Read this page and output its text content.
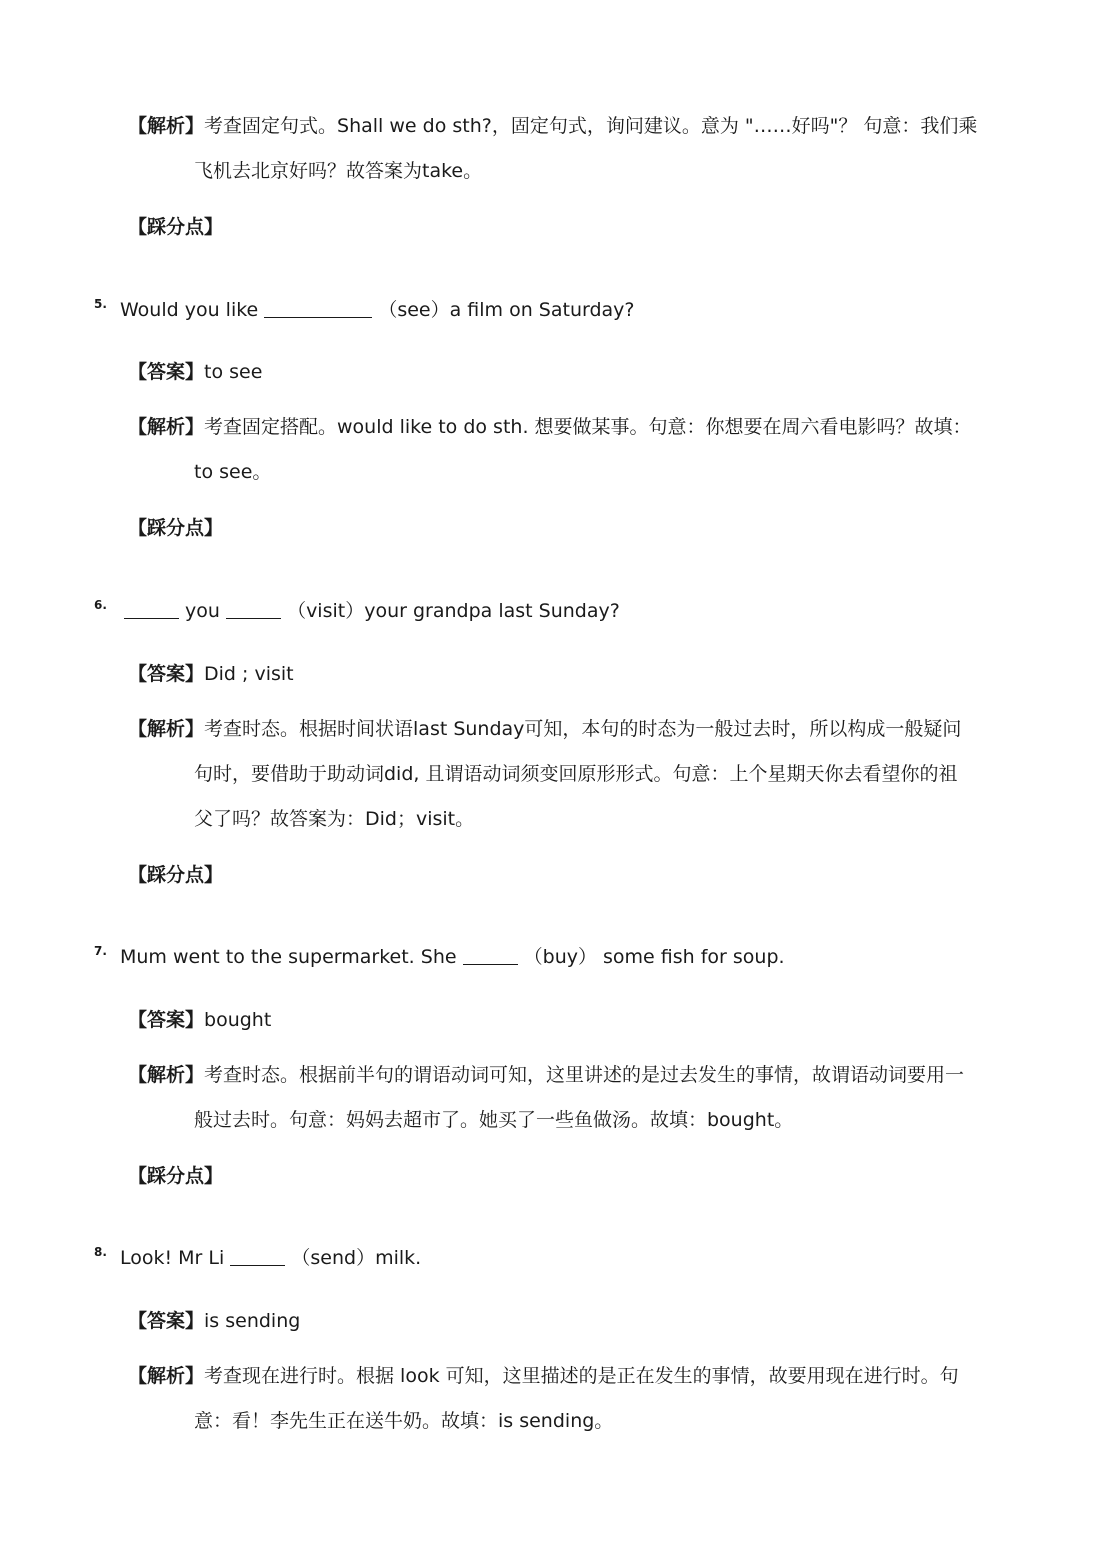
【解析】考查固定句式。Shall we do sth?，固定句式，询问建议。意为 "……好吗"？ 句意：我们乘
飞机去北京好吗？故答案为take。
【踩分点】
5. Would you like	（see）a film on Saturday?
【答案】to see
【解析】考查固定搭配。would like to do sth. 想要做某事。句意：你想要在周六看电影吗？故填：
to see。
【踩分点】
6.	you	（visit）your grandpa last Sunday?
【答案】Did ; visit
【解析】考查时态。根据时间状语last Sunday可知，本句的时态为一般过去时，所以构成一般疑问
句时，要借助于助动词did, 且谓语动词须变回原形形式。句意：上个星期天你去看望你的祖
父了吗？故答案为：Did；visit。
【踩分点】
7. Mum went to the supermarket. She	（buy） some fish for soup.
【答案】bought
【解析】考查时态。根据前半句的谓语动词可知，这里讲述的是过去发生的事情，故谓语动词要用一
般过去时。句意：妈妈去超市了。她买了一些鱼做汤。故填：bought。
【踩分点】
8. Look! Mr Li	（send）milk.
【答案】is sending
【解析】考查现在进行时。根据 look 可知，这里描述的是正在发生的事情，故要用现在进行时。句
意：看！李先生正在送牛奶。故填：is sending。
